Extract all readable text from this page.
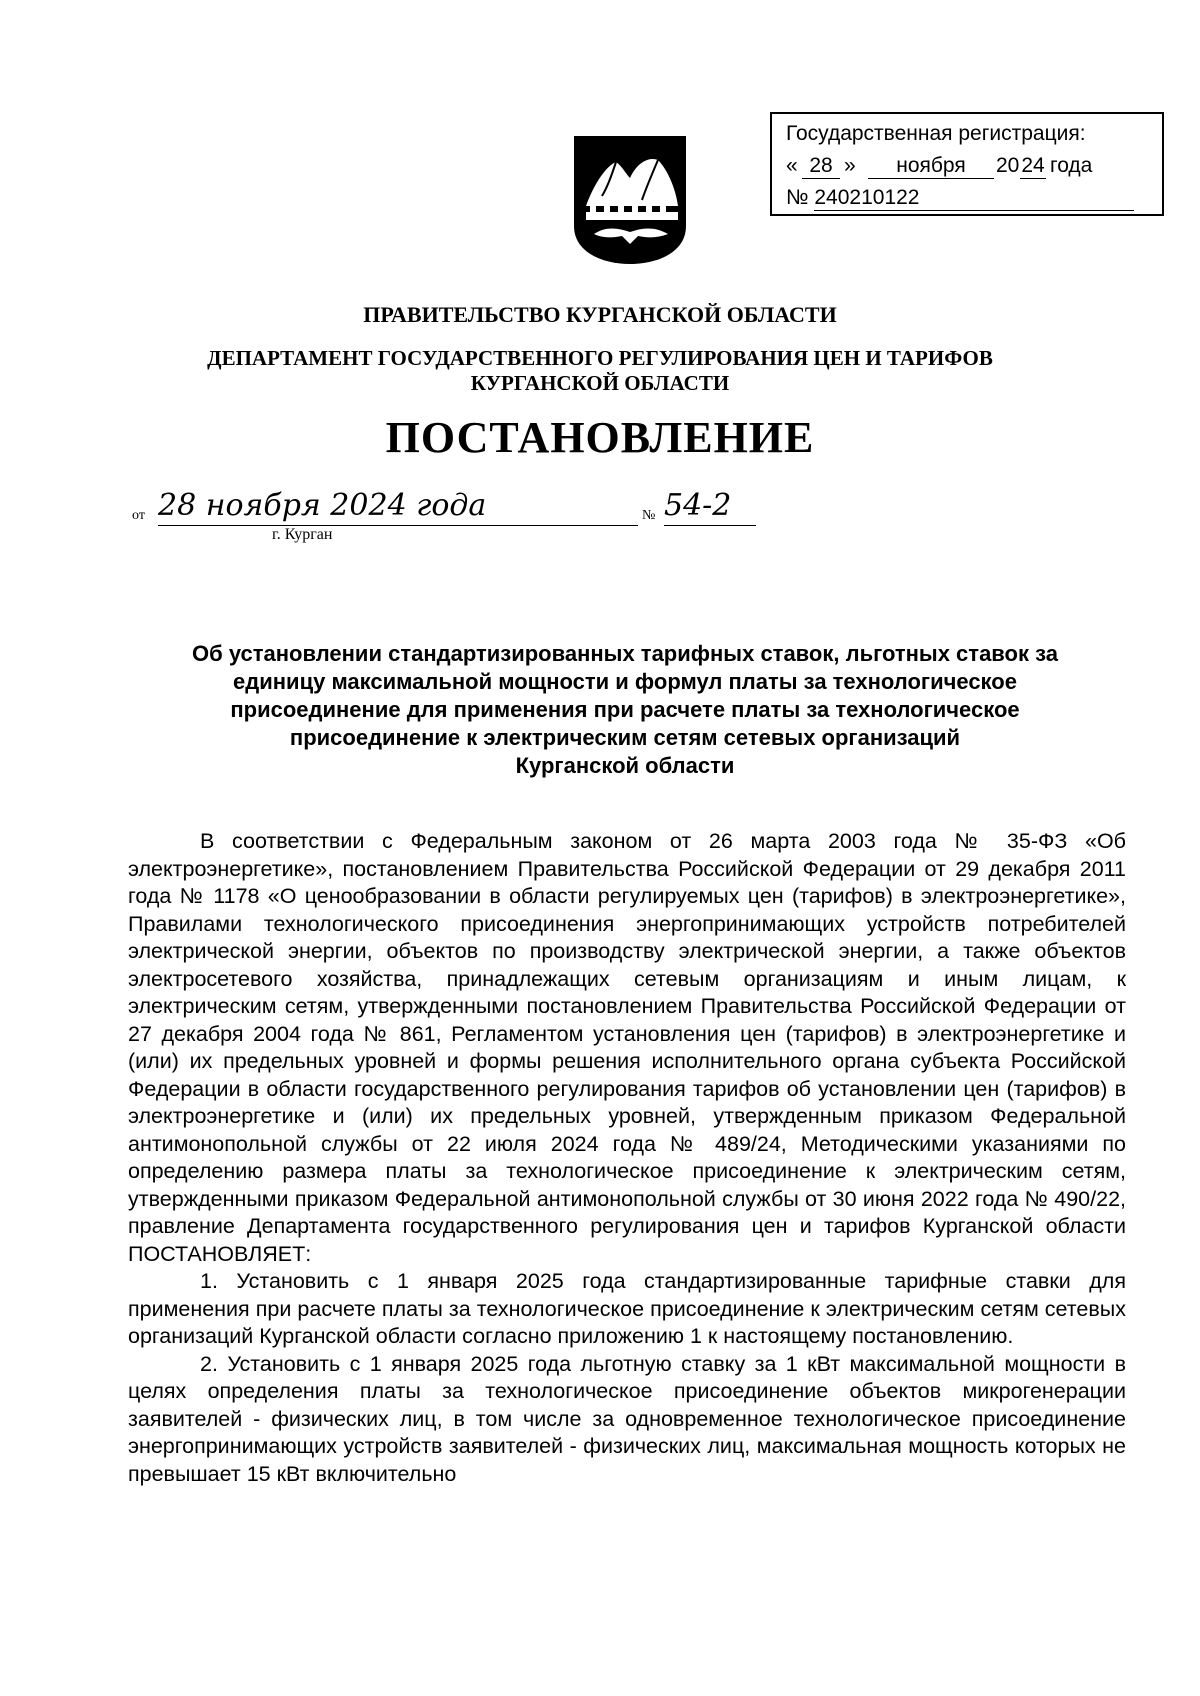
Государственная регистрация:
« 28 »	ноября	20 24 года
№ 240210122
ПРАВИТЕЛЬСТВО КУРГАНСКОЙ ОБЛАСТИ
ДЕПАРТАМЕНТ ГОСУДАРСТВЕННОГО РЕГУЛИРОВАНИЯ ЦЕН И ТАРИФОВ
КУРГАНСКОЙ ОБЛАСТИ
ПОСТАНОВЛЕНИЕ
от 28 ноября 2024 года	№ 54-2
г. Курган
Об установлении стандартизированных тарифных ставок, льготных ставок за
единицу максимальной мощности и формул платы за технологическое
присоединение для применения при расчете платы за технологическое
присоединение к электрическим сетям сетевых организаций
Курганской области

В соответствии с Федеральным законом от 26 марта 2003 года № 35-ФЗ «Об электроэнергетике», постановлением Правительства Российской Федерации от 29 декабря 2011 года № 1178 «О ценообразовании в области регулируемых цен (тарифов) в электроэнергетике», Правилами технологического присоединения энергопринимающих устройств потребителей электрической энергии, объектов по производству электрической энергии, а также объектов электросетевого хозяйства, принадлежащих сетевым организациям и иным лицам, к электрическим сетям, утвержденными постановлением Правительства Российской Федерации от 27 декабря 2004 года № 861, Регламентом установления цен (тарифов) в электроэнергетике и (или) их предельных уровней и формы решения исполнительного органа субъекта Российской Федерации в области государственного регулирования тарифов об установлении цен (тарифов) в электроэнергетике и (или) их предельных уровней, утвержденным приказом Федеральной антимонопольной службы от 22 июля 2024 года № 489/24, Методическими указаниями по определению размера платы за технологическое присоединение к электрическим сетям, утвержденными приказом Федеральной антимонопольной службы от 30 июня 2022 года № 490/22, правление Департамента государственного регулирования цен и тарифов Курганской области ПОСТАНОВЛЯЕТ:

1. Установить с 1 января 2025 года стандартизированные тарифные ставки для применения при расчете платы за технологическое присоединение к электрическим сетям сетевых организаций Курганской области согласно приложению 1 к настоящему постановлению.

2. Установить с 1 января 2025 года льготную ставку за 1 кВт максимальной мощности в целях определения платы за технологическое присоединение объектов микрогенерации заявителей - физических лиц, в том числе за одновременное технологическое присоединение энергопринимающих устройств заявителей - физических лиц, максимальная мощность которых не превышает 15 кВт включительно
